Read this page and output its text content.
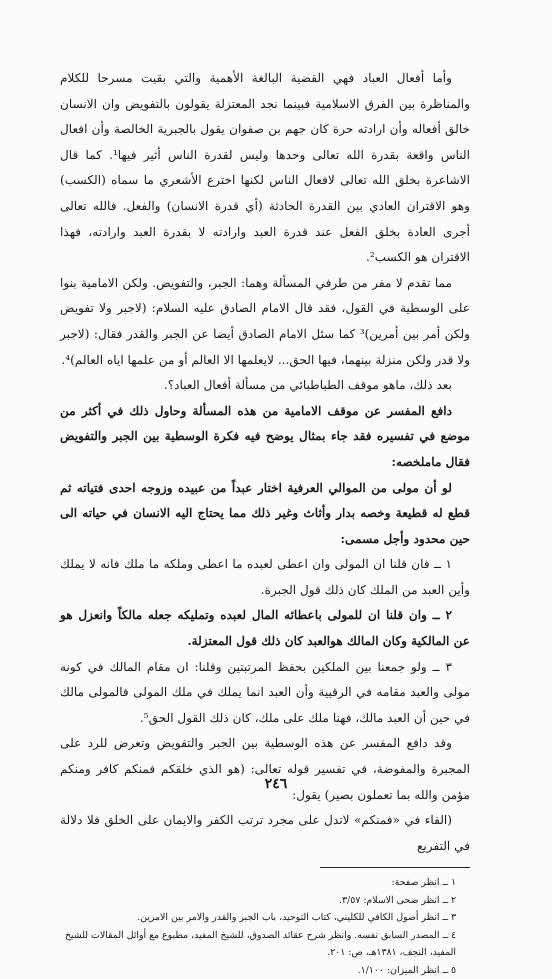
وأما أفعال العباد فهي القضية البالغة الأهمية والتي بقيت مسرحا للكلام والمناظرة بين الفرق الاسلامية فبينما نجد المعتزلة يقولون بالتفويض وان الانسان خالق أفعاله وأن ارادته حرة كان جهم بن صفوان يقول بالجبرية الخالصة وأن افعال الناس واقعة بقدرة الله تعالى وحدها وليس لقدرة الناس أثير فيها¹. كما قال الاشاعرة بخلق الله تعالى لافعال الناس لكنها اخترع الأشعري ما سماه (الكسب) وهو الاقتران العادي بين القدرة الحادثة (أي قدرة الانسان) والفعل. فالله تعالى أجرى العادة بخلق الفعل عند قدرة العبد وارادته لا بقدرة العبد وارادته، فهذا الاقتران هو الكسب².

مما تقدم لا مفر من طرفي المسألة وهما: الجبر، والتفويض. ولكن الامامية بنوا على الوسطية في القول، فقد قال الامام الصادق عليه السلام: (لاجبر ولا تفويض ولكن أمر بين أمرين)³ كما سئل الامام الصادق أيضا عن الجبر والقدر فقال: (لاجبر ولا قدر ولكن منزلة بينهما، فيها الحق... لايعلمها الا العالم أو من علمها اياه العالم)⁴.

بعد ذلك، ماهو موقف الطباطبائي من مسألة أفعال العباد؟.

دافع المفسر عن موقف الامامية من هذه المسألة وحاول ذلك في أكثر من موضع في تفسيره فقد جاء بمثال يوضح فيه فكرة الوسطية بين الجبر والتفويض فقال ماملخصه:

لو أن مولى من الموالي العرفية اختار عبداً من عبيده وزوجه احدى فتياته ثم قطع له قطيعة وخصه بدار وأثاث وغير ذلك مما يحتاج اليه الانسان في حياته الى حين محدود وأجل مسمى:

١ ــ فان قلنا ان المولى وان اعطى لعبده ما اعطى وملكه ما ملك فانه لا يملك وأين العبد من الملك كان ذلك قول الجبرة.

٢ ــ وان قلنا ان للمولى باعطائه المال لعبده وتمليكه جعله مالكاً وانعزل هو عن المالكية وكان المالك هوالعبد كان ذلك قول المعتزلة.

٣ ــ ولو جمعنا بين الملكين بحفظ المرتبتين وقلنا: ان مقام المالك في كونه مولى والعبد مقامه في الرقيية وأن العبد انما يملك في ملك المولى فالمولى مالك في حين أن العبد مالك، فهنا ملك على ملك، كان ذلك القول الحق⁵.

وقد دافع المفسر عن هذه الوسطية بين الجبر والتفويض وتعرض للرد على المجبرة والمفوضة، في تفسير قوله تعالى: (هو الذي خلقكم فمنكم كافر ومنكم مؤمن والله بما تعملون بصير) يقول:

(الفاء في «فمنكم» لاتدل على مجرد ترتب الكفر والايمان على الخلق فلا دلالة في التفريع

١ ــ انظر صفحة:

٢ ــ انظر ضحى الاسلام: ٣/٥٧.

٣ ــ انظر أصول الكافي للكليني، كتاب التوحيد، باب الجبر والقدر والامر بين الامرين.

٤ ــ المصدر السابق نفسه. وانظر شرح عقائد الصدوق، للشيخ المفيد، مطبوع مع أوائل المقالات للشيخ المفيد، النجف، ١٣٨١هـ، ص: ٢٠١.

٥ ــ انظر الميزان: ١/١٠٠.

٢٤٦
